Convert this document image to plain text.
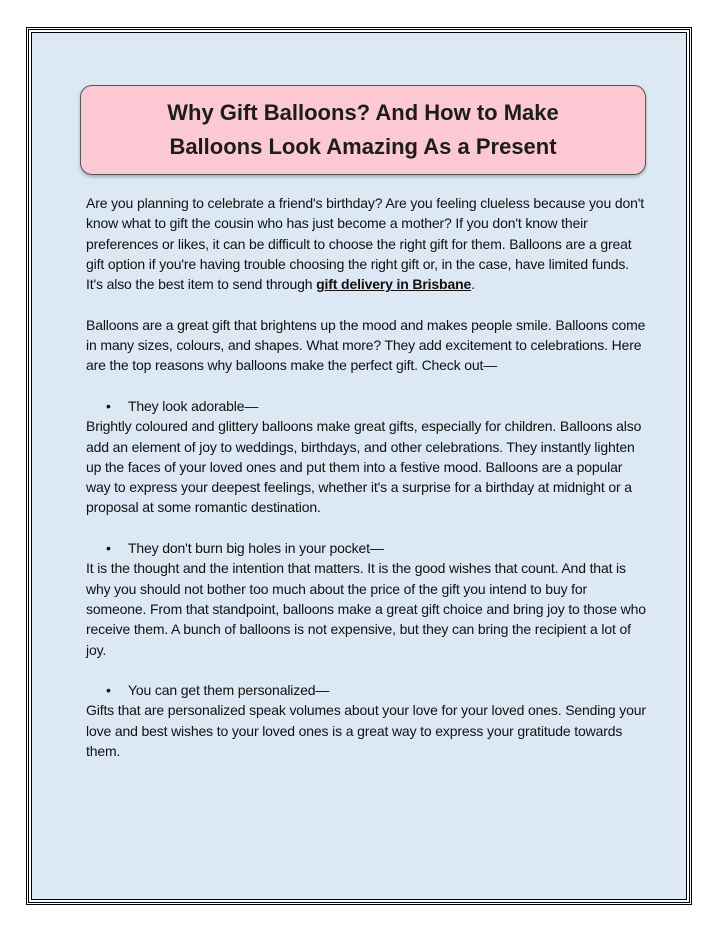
Why Gift Balloons? And How to Make
Balloons Look Amazing As a Present

Are you planning to celebrate a friend's birthday? Are you feeling clueless because you don't know what to gift the cousin who has just become a mother? If you don't know their preferences or likes, it can be difficult to choose the right gift for them. Balloons are a great gift option if you're having trouble choosing the right gift or, in the case, have limited funds. It's also the best item to send through gift delivery in Brisbane.

Balloons are a great gift that brightens up the mood and makes people smile. Balloons come in many sizes, colours, and shapes. What more? They add excitement to celebrations. Here are the top reasons why balloons make the perfect gift. Check out—

• They look adorable—

Brightly coloured and glittery balloons make great gifts, especially for children. Balloons also add an element of joy to weddings, birthdays, and other celebrations. They instantly lighten up the faces of your loved ones and put them into a festive mood. Balloons are a popular way to express your deepest feelings, whether it's a surprise for a birthday at midnight or a proposal at some romantic destination.

• They don't burn big holes in your pocket—

It is the thought and the intention that matters. It is the good wishes that count. And that is why you should not bother too much about the price of the gift you intend to buy for someone. From that standpoint, balloons make a great gift choice and bring joy to those who receive them. A bunch of balloons is not expensive, but they can bring the recipient a lot of joy.

• You can get them personalized—

Gifts that are personalized speak volumes about your love for your loved ones. Sending your love and best wishes to your loved ones is a great way to express your gratitude towards them.
